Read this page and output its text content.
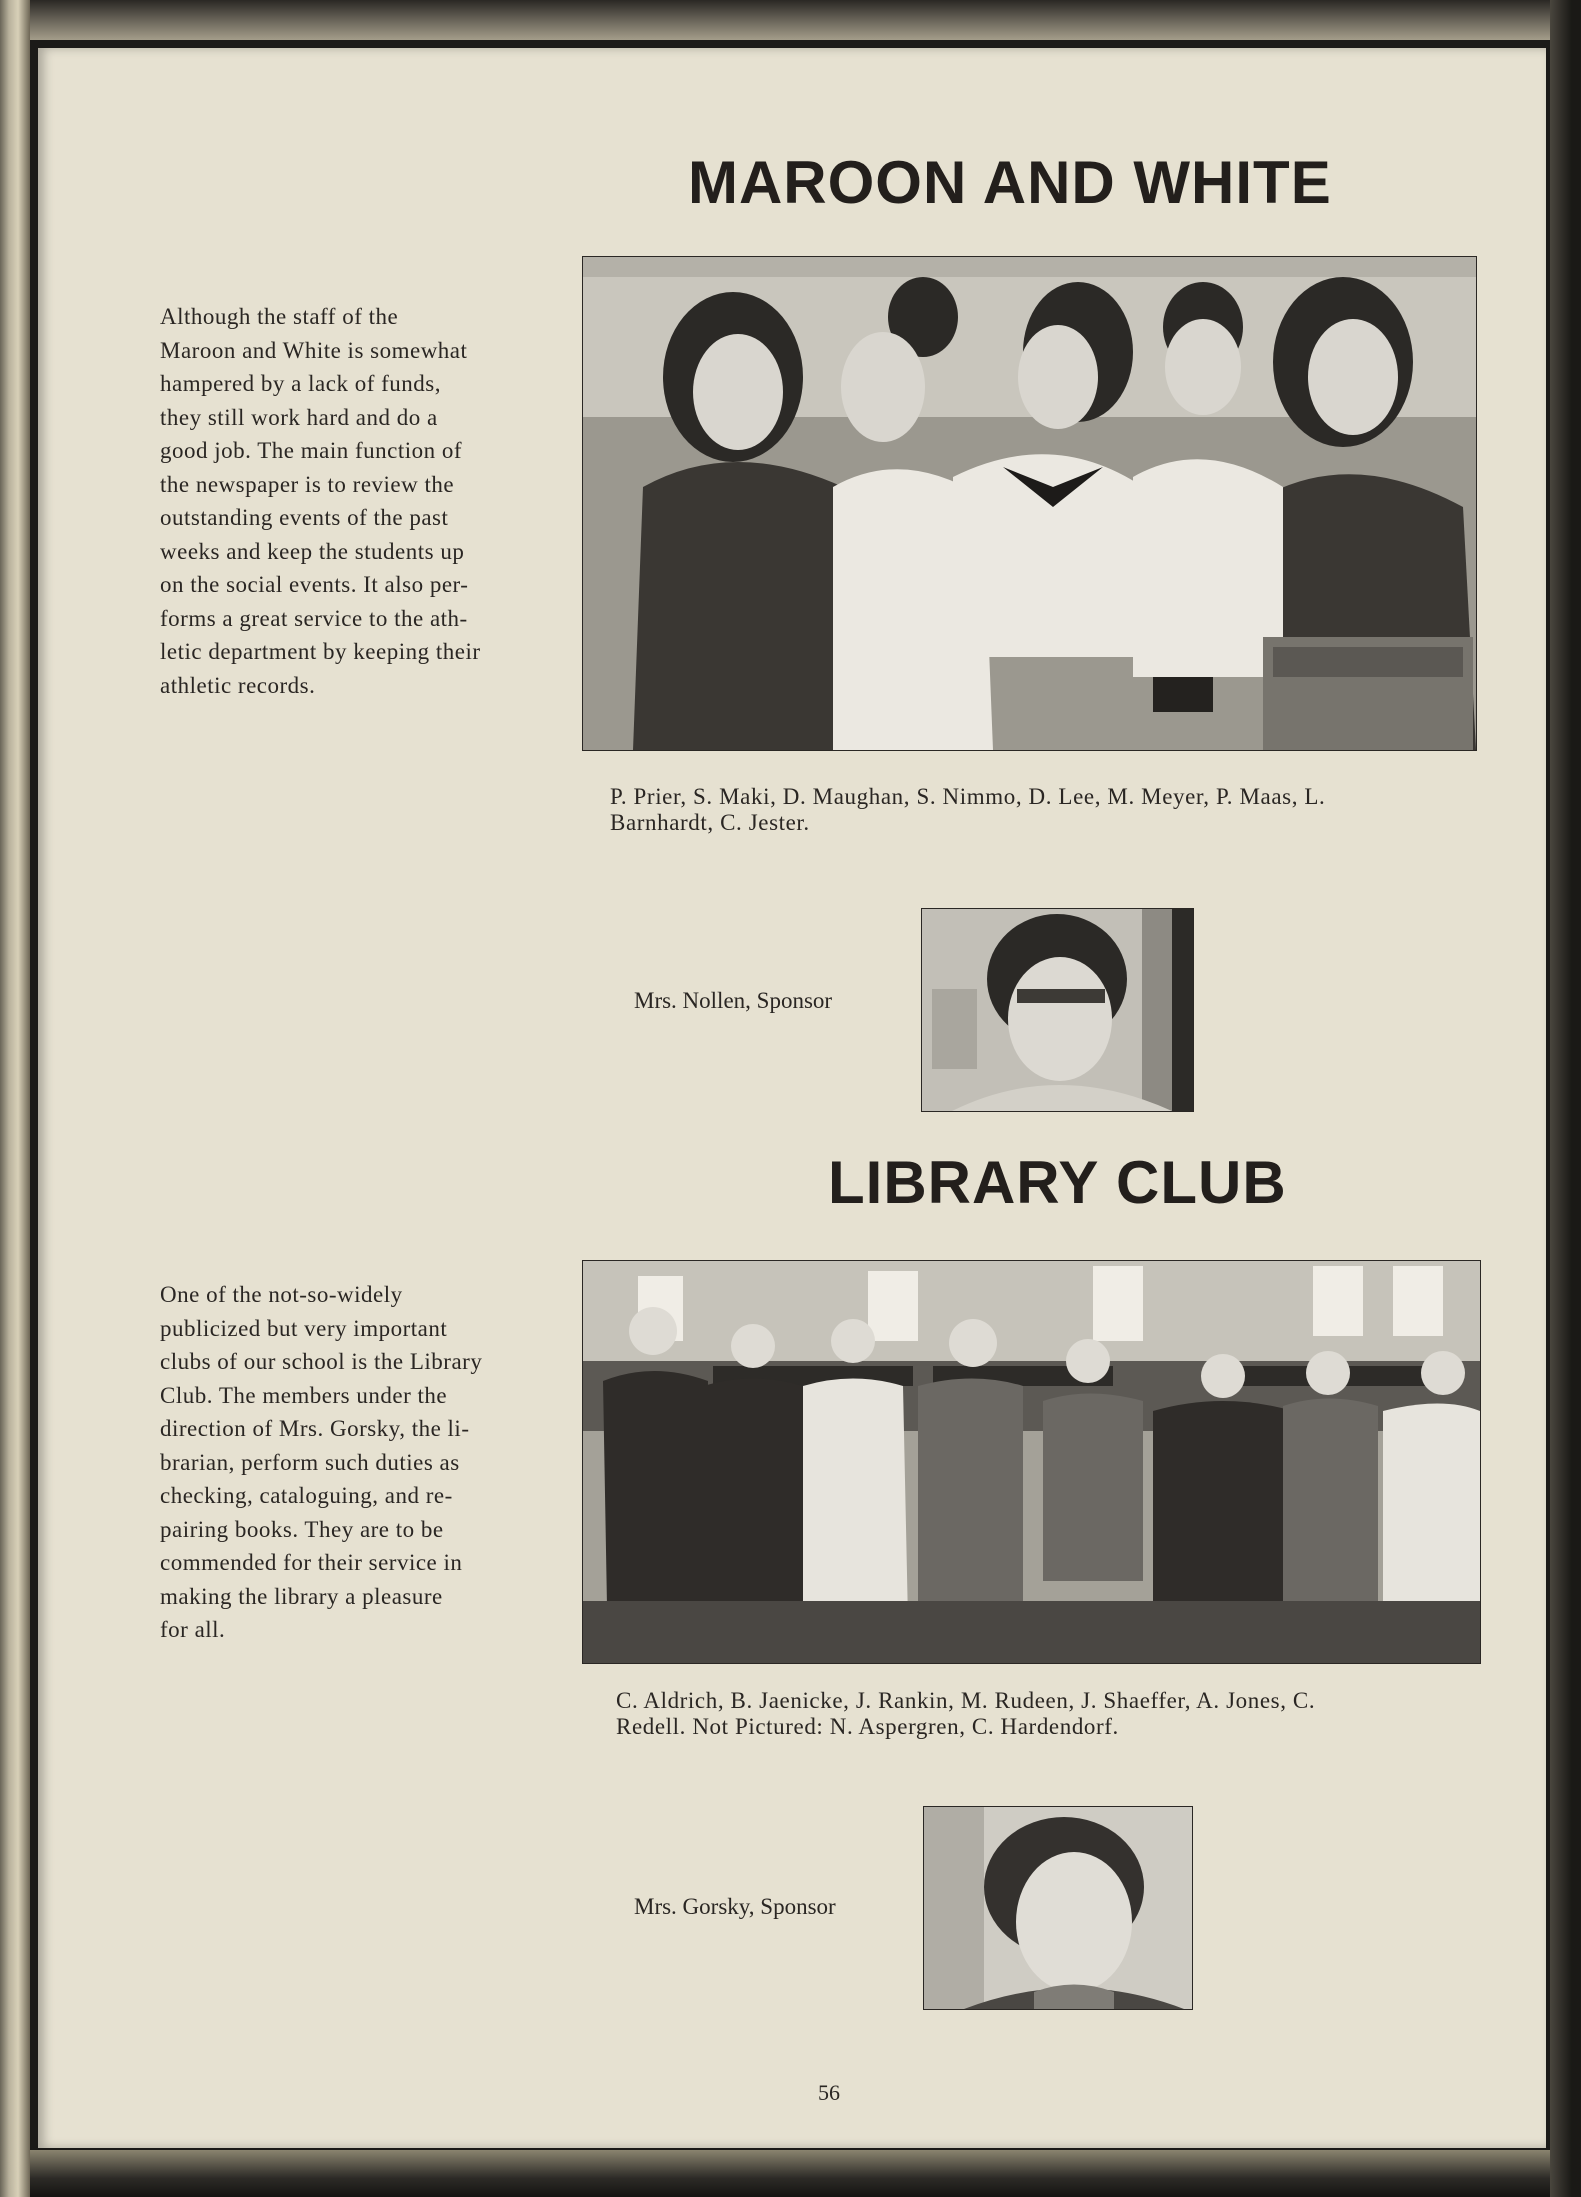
MAROON AND WHITE

Although the staff of the
Maroon and White is somewhat
hampered by a lack of funds,
they still work hard and do a
good job. The main function of
the newspaper is to review the
outstanding events of the past
weeks and keep the students up
on the social events. It also per-
forms a great service to the ath-
letic department by keeping their
athletic records.

P. Prier, S. Maki, D. Maughan, S. Nimmo, D. Lee, M. Meyer, P. Maas, L.
Barnhardt, C. Jester.

Mrs. Nollen, Sponsor

LIBRARY CLUB

One of the not-so-widely
publicized but very important
clubs of our school is the Library
Club. The members under the
direction of Mrs. Gorsky, the li-
brarian, perform such duties as
checking, cataloguing, and re-
pairing books. They are to be
commended for their service in
making the library a pleasure
for all.

C. Aldrich, B. Jaenicke, J. Rankin, M. Rudeen, J. Shaeffer, A. Jones, C.
Redell. Not Pictured: N. Aspergren, C. Hardendorf.

Mrs. Gorsky, Sponsor

56
